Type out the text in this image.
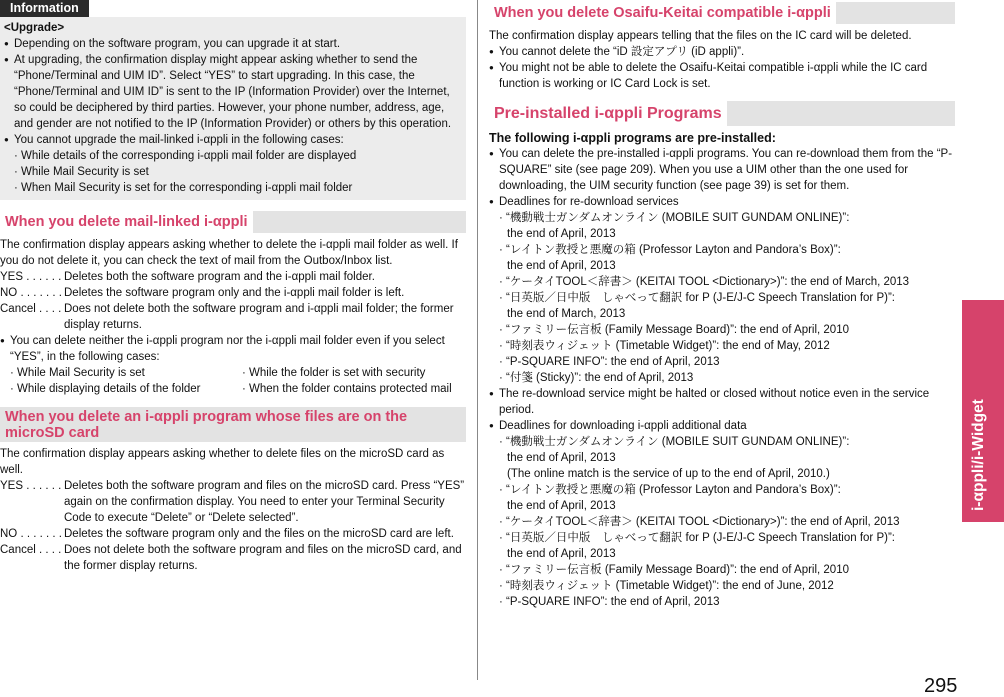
Information

<Upgrade>

● Depending on the software program, you can upgrade it at start.

● At upgrading, the confirmation display might appear asking whether to send the “Phone/Terminal and UIM ID”. Select “YES” to start upgrading. In this case, the “Phone/Terminal and UIM ID” is sent to the IP (Information Provider) over the Internet, so could be deciphered by third parties. However, your phone number, address, age, and gender are not notified to the IP (Information Provider) or others by this operation.

● You cannot upgrade the mail-linked i-αppli in the following cases:

· While details of the corresponding i-αppli mail folder are displayed

· While Mail Security is set

· When Mail Security is set for the corresponding i-αppli mail folder

When you delete mail-linked i-αppli

The confirmation display appears asking whether to delete the i-αppli mail folder as well. If you do not delete it, you can check the text of mail from the Outbox/Inbox list.

YES . . . . . . Deletes both the software program and the i-αppli mail folder.
NO . . . . . . . Deletes the software program only and the i-αppli mail folder is left.
Cancel . . . . Does not delete both the software program and i-αppli mail folder; the former display returns.

● You can delete neither the i-αppli program nor the i-αppli mail folder even if you select “YES”, in the following cases:

· While Mail Security is set	· While the folder is set with security

· While displaying details of the folder	· When the folder contains protected mail

When you delete an i-αppli program whose files are on the microSD card

The confirmation display appears asking whether to delete files on the microSD card as well.

YES . . . . . . Deletes both the software program and files on the microSD card. Press “YES” again on the confirmation display. You need to enter your Terminal Security Code to execute “Delete” or “Delete selected”.
NO . . . . . . . Deletes the software program only and the files on the microSD card are left.
Cancel . . . . Does not delete both the software program and files on the microSD card, and the former display returns.
When you delete Osaifu-Keitai compatible i-αppli

The confirmation display appears telling that the files on the IC card will be deleted.

● You cannot delete the “iD 設定アプリ (iD appli)”.

● You might not be able to delete the Osaifu-Keitai compatible i-αppli while the IC card function is working or IC Card Lock is set.

Pre-installed i-αppli Programs

The following i-αppli programs are pre-installed:

● You can delete the pre-installed i-αppli programs. You can re-download them from the “P-SQUARE” site (see page 209). When you use a UIM other than the one used for downloading, the UIM security function (see page 39) is set for them.

● Deadlines for re-download services

· “機動戦士ガンダムオンライン (MOBILE SUIT GUNDAM ONLINE)”:

the end of April, 2013

· “レイトン教授と悪魔の箱 (Professor Layton and Pandora’s Box)”:

the end of April, 2013

· “ケータイTOOL＜辞書＞ (KEITAI TOOL <Dictionary>)”: the end of March, 2013

· “日英版／日中版　しゃべって翻訳 for P (J-E/J-C Speech Translation for P)”:

the end of March, 2013

· “ファミリー伝言板 (Family Message Board)”: the end of April, 2010

· “時刻表ウィジェット (Timetable Widget)”: the end of May, 2012

· “P-SQUARE INFO”: the end of April, 2013

· “付箋 (Sticky)”: the end of April, 2013

● The re-download service might be halted or closed without notice even in the service period.

● Deadlines for downloading i-αppli additional data

· “機動戦士ガンダムオンライン (MOBILE SUIT GUNDAM ONLINE)”:

the end of April, 2013

(The online match is the service of up to the end of April, 2010.)

· “レイトン教授と悪魔の箱 (Professor Layton and Pandora’s Box)”:

the end of April, 2013

· “ケータイTOOL＜辞書＞ (KEITAI TOOL <Dictionary>)”: the end of April, 2013

· “日英版／日中版　しゃべって翻訳 for P (J-E/J-C Speech Translation for P)”:

the end of April, 2013

· “ファミリー伝言板 (Family Message Board)”: the end of April, 2010

· “時刻表ウィジェット (Timetable Widget)”: the end of June, 2012

· “P-SQUARE INFO”: the end of April, 2013

i-αppli/i-Widget
295
